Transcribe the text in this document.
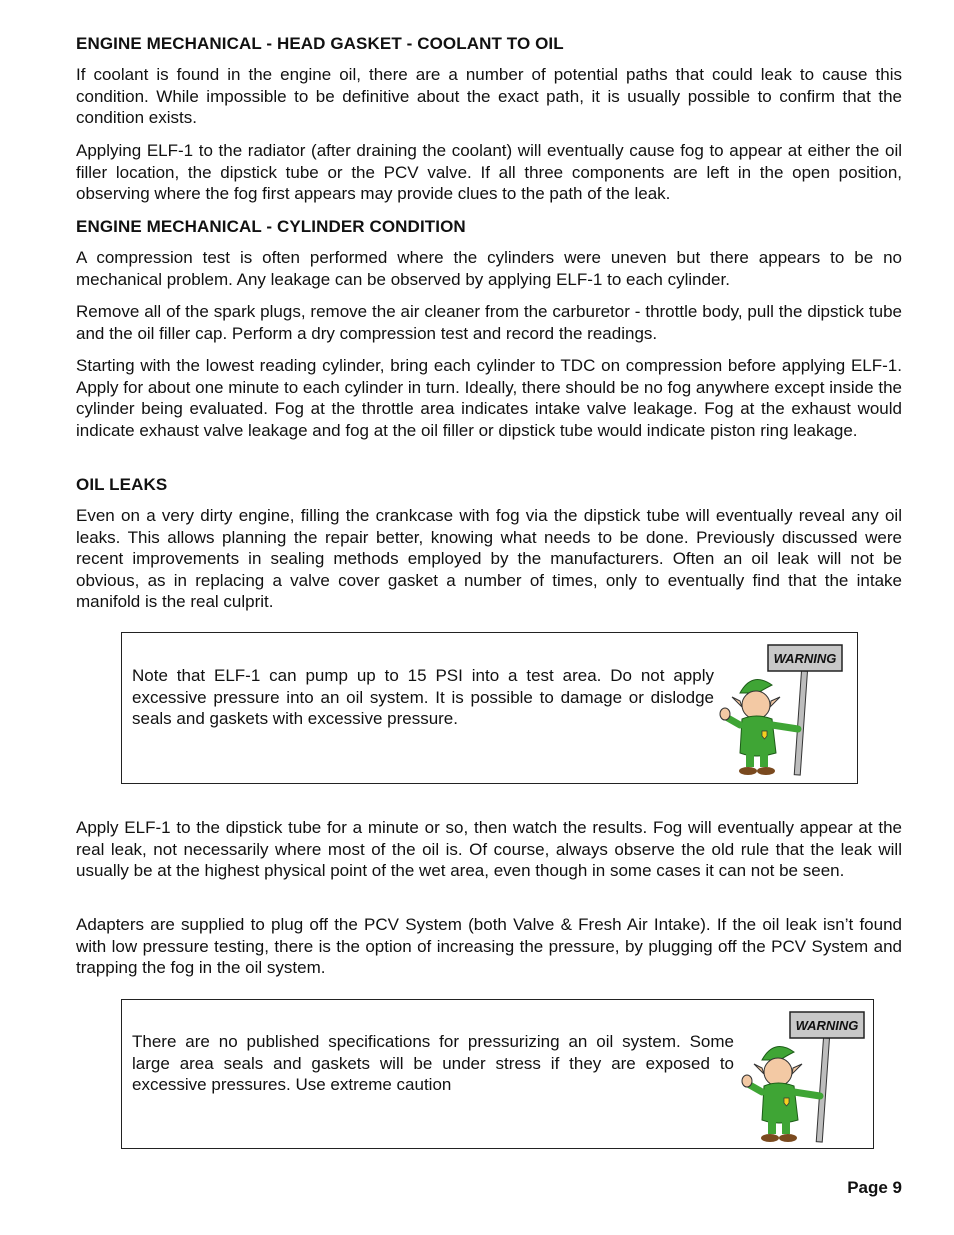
ENGINE MECHANICAL - HEAD GASKET - COOLANT TO OIL

If coolant is found in the engine oil, there are a number of potential paths that could leak to cause this condition. While impossible to be definitive about the exact path, it is usually possible to confirm that the condition exists.

Applying ELF-1 to the radiator (after draining the coolant) will eventually cause fog to appear at either the oil filler location, the dipstick tube or the PCV valve. If all three components are left in the open position, observing where the fog first appears may provide clues to the path of the leak.

ENGINE MECHANICAL - CYLINDER CONDITION

A compression test is often performed where the cylinders were uneven but there appears to be no mechanical problem. Any leakage can be observed by applying ELF-1 to each cylinder.

Remove all of the spark plugs, remove the air cleaner from the carburetor - throttle body, pull the dipstick tube and the oil filler cap. Perform a dry compression test and record the readings.

Starting with the lowest reading cylinder, bring each cylinder to TDC on compression before applying ELF-1. Apply for about one minute to each cylinder in turn. Ideally, there should be no fog anywhere except inside the cylinder being evaluated. Fog at the throttle area indicates intake valve leakage. Fog at the exhaust would indicate exhaust valve leakage and fog at the oil filler or dipstick tube would indicate piston ring leakage.

OIL LEAKS

Even on a very dirty engine, filling the crankcase with fog via the dipstick tube will eventually reveal any oil leaks. This allows planning the repair better, knowing what needs to be done. Previously discussed were recent improvements in sealing methods employed by the manufacturers. Often an oil leak will not be obvious, as in replacing a valve cover gasket a number of times, only to eventually find that the intake manifold is the real culprit.

Note that ELF-1 can pump up to 15 PSI into a test area. Do not apply excessive pressure into an oil system. It is possible to damage or dislodge seals and gaskets with excessive pressure.

WARNING

Apply ELF-1 to the dipstick tube for a minute or so, then watch the results. Fog will eventually appear at the real leak, not necessarily where most of the oil is. Of course, always observe the old rule that the leak will usually be at the highest physical point of the wet area, even though in some cases it can not be seen.

Adapters are supplied to plug off the PCV System (both Valve & Fresh Air Intake). If the oil leak isn’t found with low pressure testing, there is the option of increasing the pressure, by plugging off the PCV System and trapping the fog in the oil system.

There are no published specifications for pressurizing an oil system. Some large area seals and gaskets will be under stress if they are exposed to excessive pressures. Use extreme caution

WARNING
Page 9
